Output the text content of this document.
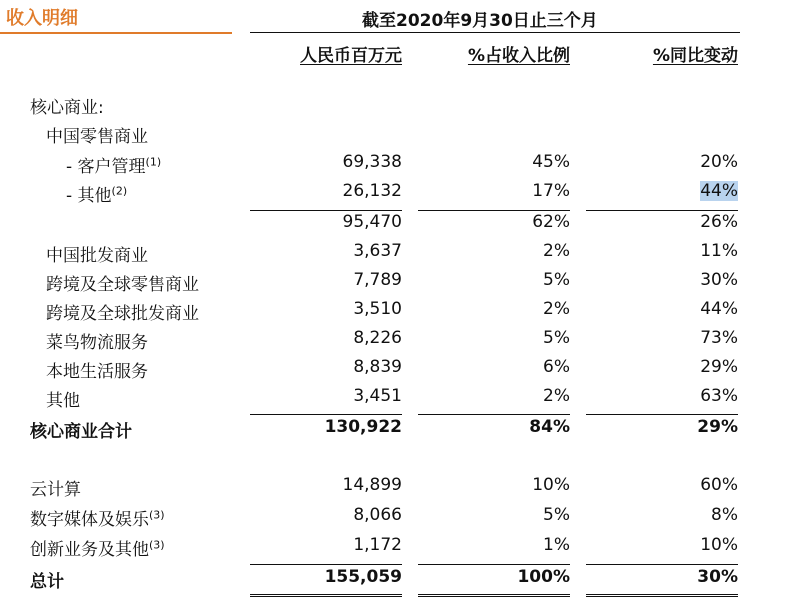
收入明细	截至2020年9月30日止三个月
人民币百万元	%占收入比例	%同比变动
核心商业:
中国零售商业
- 客户管理$^{(1)}$	69,338	45%	20%
- 其他$^{(2)}$	26,132	17%	44%
95,470	62%	26%
中国批发商业	3,637	2%	11%
跨境及全球零售商业	7,789	5%	30%
跨境及全球批发商业	3,510	2%	44%
菜鸟物流服务	8,226	5%	73%
本地生活服务	8,839	6%	29%
其他	3,451	2%	63%
核心商业合计	130,922	84%	29%
云计算	14,899	10%	60%
数字媒体及娱乐$^{(3)}$	8,066	5%	8%
创新业务及其他$^{(3)}$	1,172	1%	10%
总计	155,059	100%	30%
